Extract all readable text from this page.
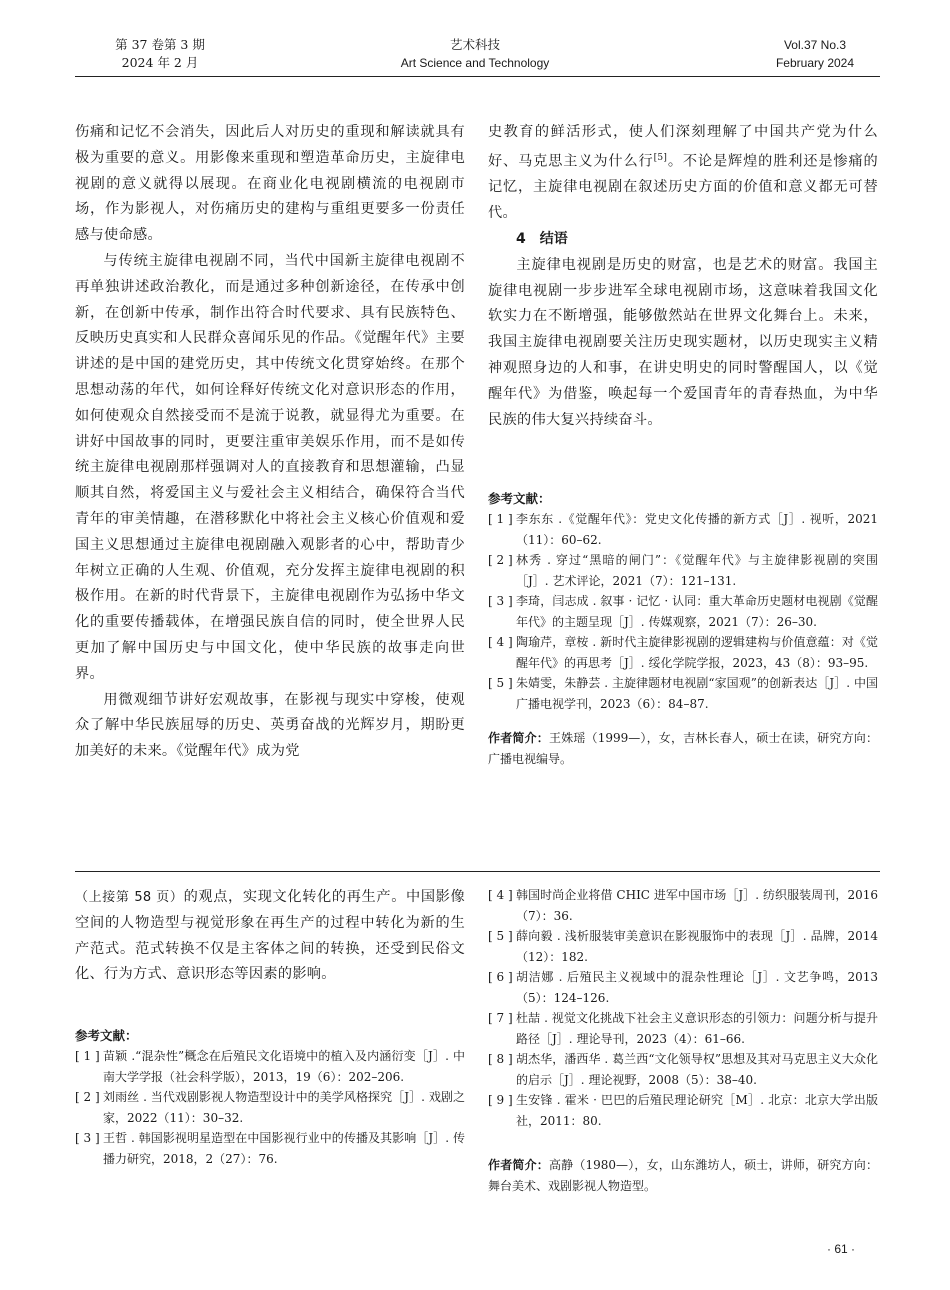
第 37 卷第 3 期
2024 年 2 月
艺术科技
Art Science and Technology
Vol.37 No.3
February 2024

伤痛和记忆不会消失，因此后人对历史的重现和解读就具有极为重要的意义。用影像来重现和塑造革命历史，主旋律电视剧的意义就得以展现。在商业化电视剧横流的电视剧市场，作为影视人，对伤痛历史的建构与重组更要多一份责任感与使命感。

与传统主旋律电视剧不同，当代中国新主旋律电视剧不再单独讲述政治教化，而是通过多种创新途径，在传承中创新，在创新中传承，制作出符合时代要求、具有民族特色、反映历史真实和人民群众喜闻乐见的作品。《觉醒年代》主要讲述的是中国的建党历史，其中传统文化贯穿始终。在那个思想动荡的年代，如何诠释好传统文化对意识形态的作用，如何使观众自然接受而不是流于说教，就显得尤为重要。在讲好中国故事的同时，更要注重审美娱乐作用，而不是如传统主旋律电视剧那样强调对人的直接教育和思想灌输，凸显顺其自然，将爱国主义与爱社会主义相结合，确保符合当代青年的审美情趣，在潜移默化中将社会主义核心价值观和爱国主义思想通过主旋律电视剧融入观影者的心中，帮助青少年树立正确的人生观、价值观，充分发挥主旋律电视剧的积极作用。在新的时代背景下，主旋律电视剧作为弘扬中华文化的重要传播载体，在增强民族自信的同时，使全世界人民更加了解中国历史与中国文化，使中华民族的故事走向世界。

用微观细节讲好宏观故事，在影视与现实中穿梭，使观众了解中华民族屈辱的历史、英勇奋战的光辉岁月，期盼更加美好的未来。《觉醒年代》成为党

史教育的鲜活形式，使人们深刻理解了中国共产党为什么好、马克思主义为什么行[5]。不论是辉煌的胜利还是惨痛的记忆，主旋律电视剧在叙述历史方面的价值和意义都无可替代。

4 结语

主旋律电视剧是历史的财富，也是艺术的财富。我国主旋律电视剧一步步进军全球电视剧市场，这意味着我国文化软实力在不断增强，能够傲然站在世界文化舞台上。未来，我国主旋律电视剧要关注历史现实题材，以历史现实主义精神观照身边的人和事，在讲史明史的同时警醒国人，以《觉醒年代》为借鉴，唤起每一个爱国青年的青春热血，为中华民族的伟大复兴持续奋斗。

参考文献：

[ 1 ] 李东东 .《觉醒年代》：党史文化传播的新方式［J］. 视听，2021（11）：60–62.
[ 2 ] 林秀 . 穿过“黑暗的闸门”：《觉醒年代》与主旋律影视剧的突围［J］. 艺术评论，2021（7）：121–131.
[ 3 ] 李琦，闫志成 . 叙事 · 记忆 · 认同：重大革命历史题材电视剧《觉醒年代》的主题呈现［J］. 传媒观察，2021（7）：26–30.
[ 4 ] 陶瑜芹，章桉 . 新时代主旋律影视剧的逻辑建构与价值意蕴：对《觉醒年代》的再思考［J］. 绥化学院学报，2023，43（8）：93–95.
[ 5 ] 朱婧雯，朱静芸 . 主旋律题材电视剧“家国观”的创新表达［J］. 中国广播电视学刊，2023（6）：84–87.

作者简介：王姝瑶（1999—），女，吉林长春人，硕士在读，研究方向：广播电视编导。

（上接第 58 页）的观点，实现文化转化的再生产。中国影像空间的人物造型与视觉形象在再生产的过程中转化为新的生产范式。范式转换不仅是主客体之间的转换，还受到民俗文化、行为方式、意识形态等因素的影响。

参考文献：

[ 1 ] 苗颖 .“混杂性”概念在后殖民文化语境中的植入及内涵衍变［J］. 中南大学学报（社会科学版），2013，19（6）：202–206.
[ 2 ] 刘雨丝 . 当代戏剧影视人物造型设计中的美学风格探究［J］. 戏剧之家，2022（11）：30–32.
[ 3 ] 王哲 . 韩国影视明星造型在中国影视行业中的传播及其影响［J］. 传播力研究，2018，2（27）：76.
[ 4 ] 韩国时尚企业将借 CHIC 进军中国市场［J］. 纺织服装周刊，2016（7）：36.
[ 5 ] 薛向毅 . 浅析服装审美意识在影视服饰中的表现［J］. 品牌，2014（12）：182.
[ 6 ] 胡洁娜 . 后殖民主义视域中的混杂性理论［J］. 文艺争鸣，2013（5）：124–126.
[ 7 ] 杜喆 . 视觉文化挑战下社会主义意识形态的引领力：问题分析与提升路径［J］. 理论导刊，2023（4）：61–66.
[ 8 ] 胡杰华，潘西华 . 葛兰西“文化领导权”思想及其对马克思主义大众化的启示［J］. 理论视野，2008（5）：38–40.
[ 9 ] 生安锋 . 霍米 · 巴巴的后殖民理论研究［M］. 北京：北京大学出版社，2011：80.

作者简介：高静（1980—），女，山东潍坊人，硕士，讲师，研究方向：舞台美术、戏剧影视人物造型。

· 61 ·
